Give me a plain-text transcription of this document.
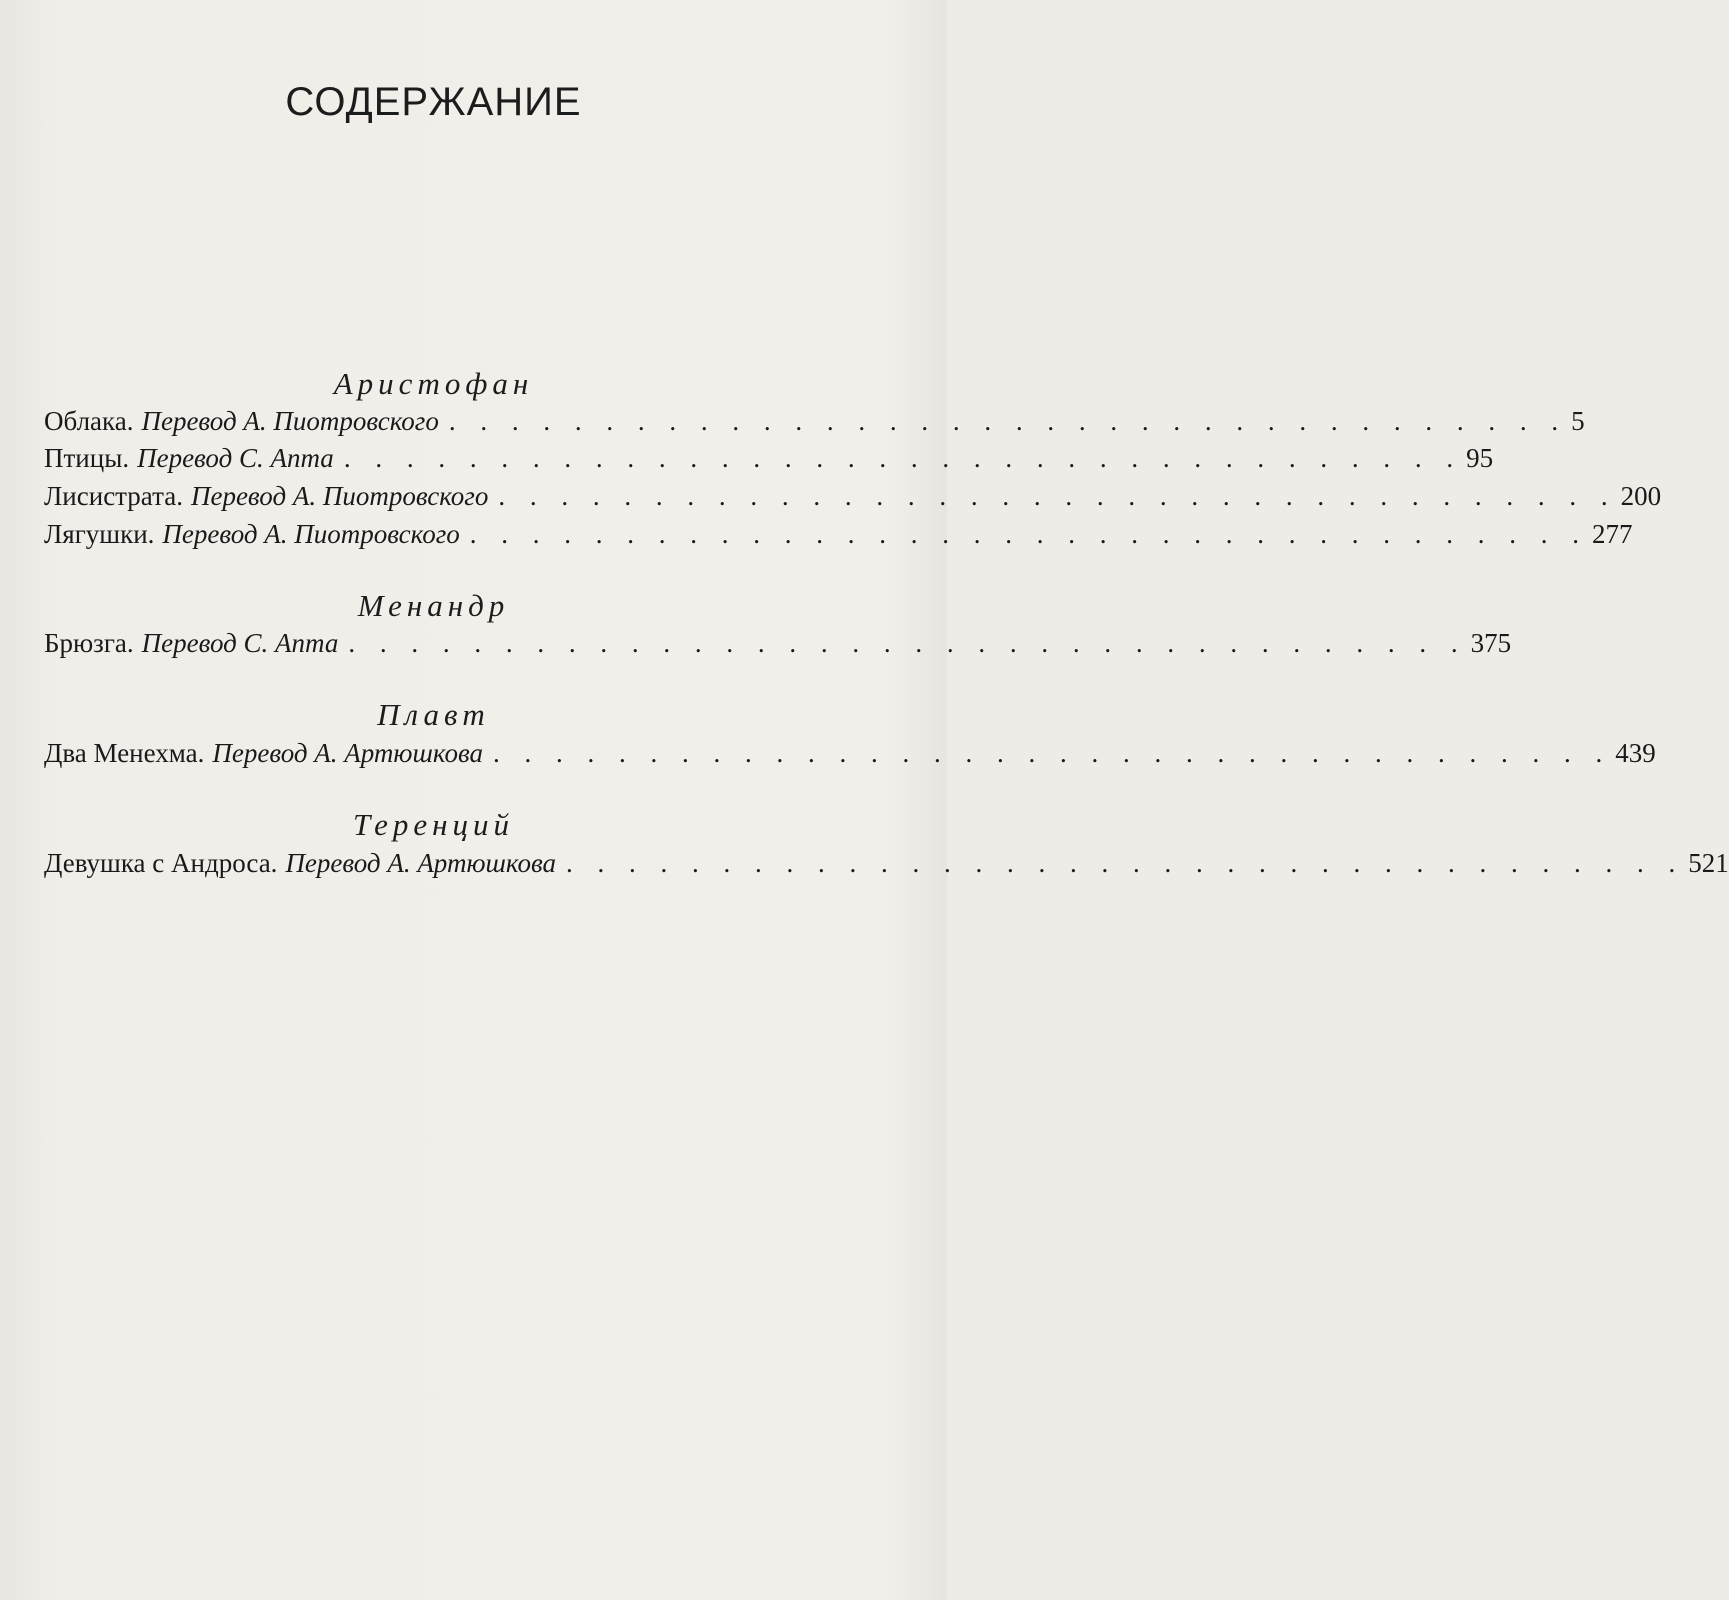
СОДЕРЖАНИЕ
Аристофан
Облака. Перевод А. Пиотровского . . . . . . . . . . . . . . . . . . . . . . . . . . . . . . . . . . . . 5
Птицы. Перевод С. Апта . . . . . . . . . . . . . . . . . . . . . . . . . . . . . . . . . . . . 95
Лисистрата. Перевод А. Пиотровского . . . . . . . . . . . . . . . . . . . . . . . . . . . . . . . . . . . . 200
Лягушки. Перевод А. Пиотровского . . . . . . . . . . . . . . . . . . . . . . . . . . . . . . . . . . . . 277
Менандр
Брюзга. Перевод С. Апта . . . . . . . . . . . . . . . . . . . . . . . . . . . . . . . . . . . . 375
Плавт
Два Менехма. Перевод А. Артюшкова . . . . . . . . . . . . . . . . . . . . . . . . . . . . . . . . . . . . 439
Теренций
Девушка с Андроса. Перевод А. Артюшкова . . . . . . . . . . . . . . . . . . . . . . . . . . . . . . . . . . . . 521
